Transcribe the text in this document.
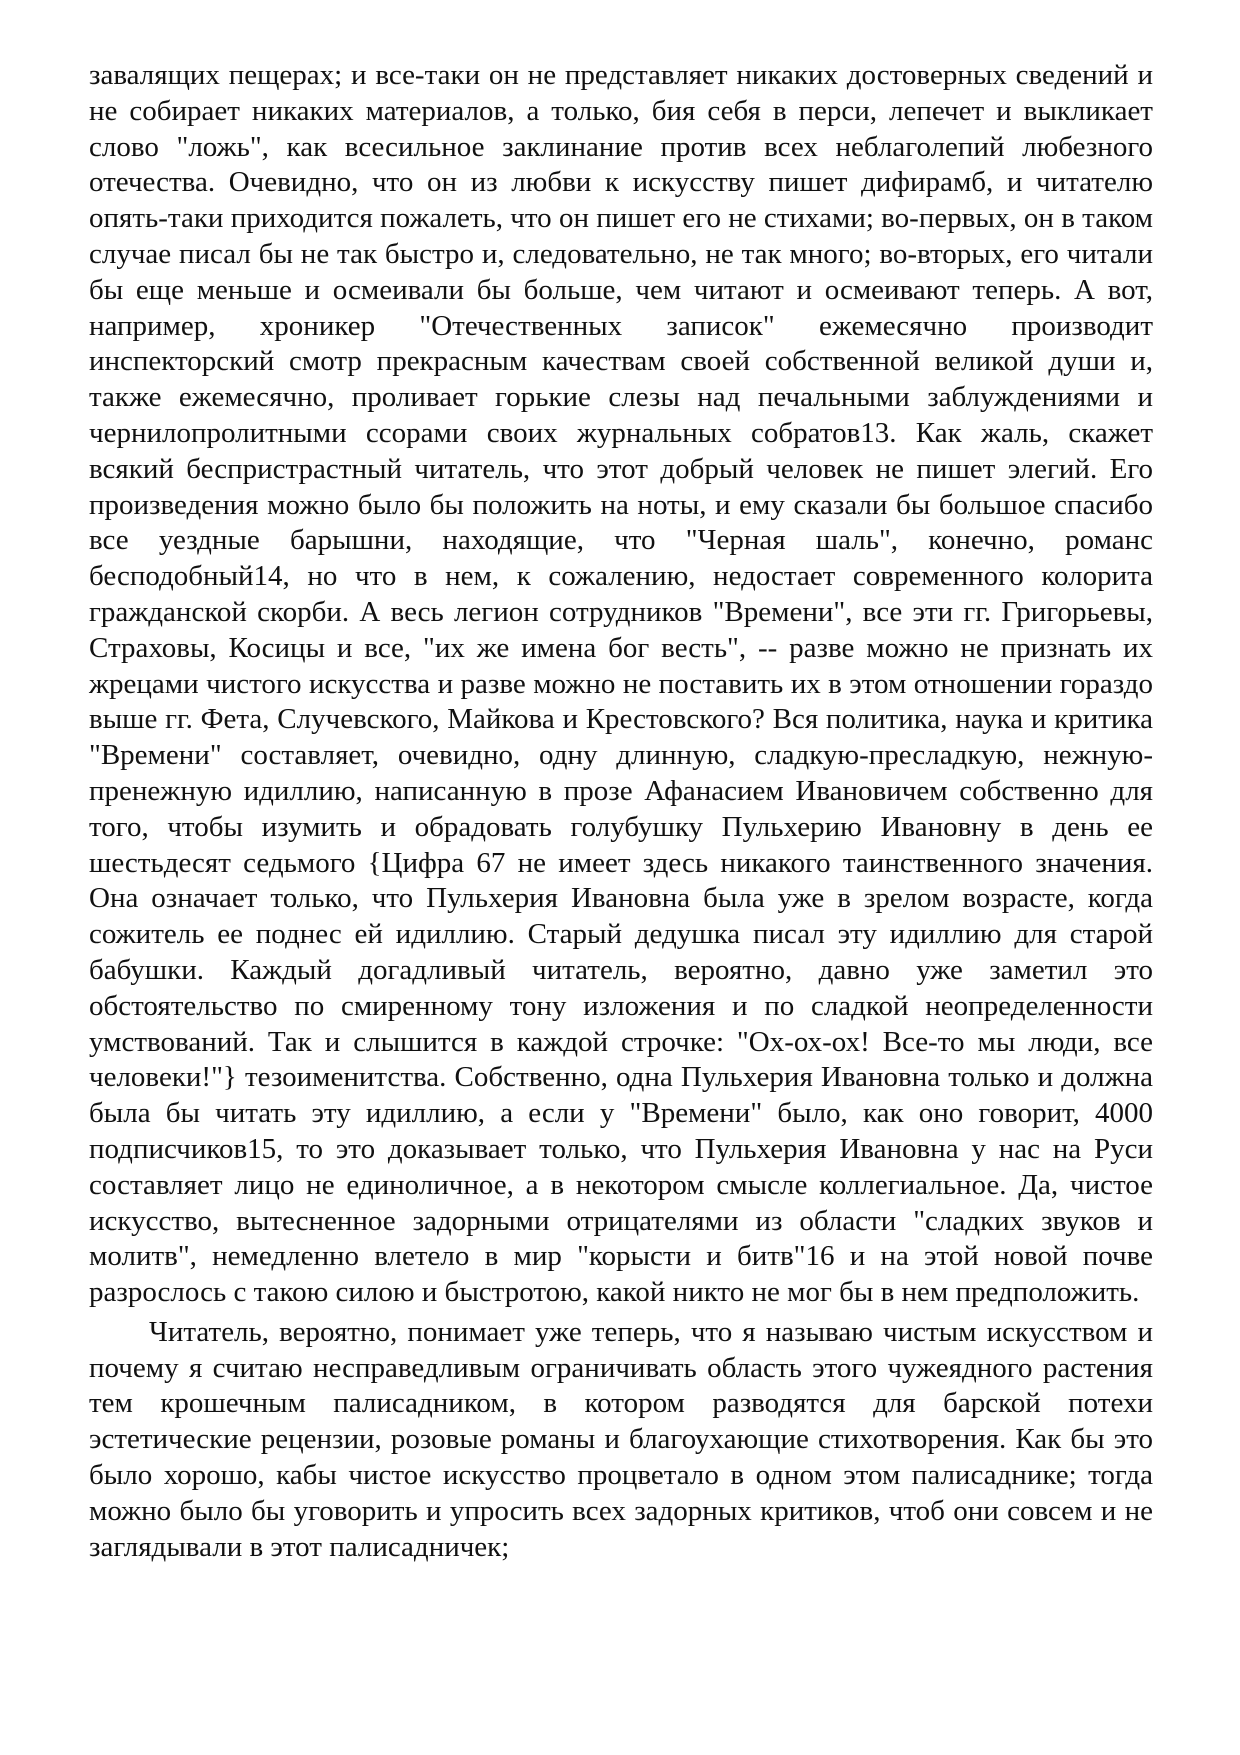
завалящих пещерах; и все-таки он не представляет никаких достоверных сведений и не собирает никаких материалов, а только, бия себя в перси, лепечет и выкликает слово "ложь", как всесильное заклинание против всех неблаголепий любезного отечества. Очевидно, что он из любви к искусству пишет дифирамб, и читателю опять-таки приходится пожалеть, что он пишет его не стихами; во-первых, он в таком случае писал бы не так быстро и, следовательно, не так много; во-вторых, его читали бы еще меньше и осмеивали бы больше, чем читают и осмеивают теперь. А вот, например, хроникер "Отечественных записок" ежемесячно производит инспекторский смотр прекрасным качествам своей собственной великой души и, также ежемесячно, проливает горькие слезы над печальными заблуждениями и чернилопролитными ссорами своих журнальных собратов13. Как жаль, скажет всякий беспристрастный читатель, что этот добрый человек не пишет элегий. Его произведения можно было бы положить на ноты, и ему сказали бы большое спасибо все уездные барышни, находящие, что "Черная шаль", конечно, романс бесподобный14, но что в нем, к сожалению, недостает современного колорита гражданской скорби. А весь легион сотрудников "Времени", все эти гг. Григорьевы, Страховы, Косицы и все, "их же имена бог весть", -- разве можно не признать их жрецами чистого искусства и разве можно не поставить их в этом отношении гораздо выше гг. Фета, Случевского, Майкова и Крестовского? Вся политика, наука и критика "Времени" составляет, очевидно, одну длинную, сладкую-пресладкую, нежную-пренежную идиллию, написанную в прозе Афанасием Ивановичем собственно для того, чтобы изумить и обрадовать голубушку Пульхерию Ивановну в день ее шестьдесят седьмого {Цифра 67 не имеет здесь никакого таинственного значения. Она означает только, что Пульхерия Ивановна была уже в зрелом возрасте, когда сожитель ее поднес ей идиллию. Старый дедушка писал эту идиллию для старой бабушки. Каждый догадливый читатель, вероятно, давно уже заметил это обстоятельство по смиренному тону изложения и по сладкой неопределенности умствований. Так и слышится в каждой строчке: "Ох-ох-ох! Все-то мы люди, все человеки!"} тезоименитства. Собственно, одна Пульхерия Ивановна только и должна была бы читать эту идиллию, а если у "Времени" было, как оно говорит, 4000 подписчиков15, то это доказывает только, что Пульхерия Ивановна у нас на Руси составляет лицо не единоличное, а в некотором смысле коллегиальное. Да, чистое искусство, вытесненное задорными отрицателями из области "сладких звуков и молитв", немедленно влетело в мир "корысти и битв"16 и на этой новой почве разрослось с такою силою и быстротою, какой никто не мог бы в нем предположить.

Читатель, вероятно, понимает уже теперь, что я называю чистым искусством и почему я считаю несправедливым ограничивать область этого чужеядного растения тем крошечным палисадником, в котором разводятся для барской потехи эстетические рецензии, розовые романы и благоухающие стихотворения. Как бы это было хорошо, кабы чистое искусство процветало в одном этом палисаднике; тогда можно было бы уговорить и упросить всех задорных критиков, чтоб они совсем и не заглядывали в этот палисадничек;
